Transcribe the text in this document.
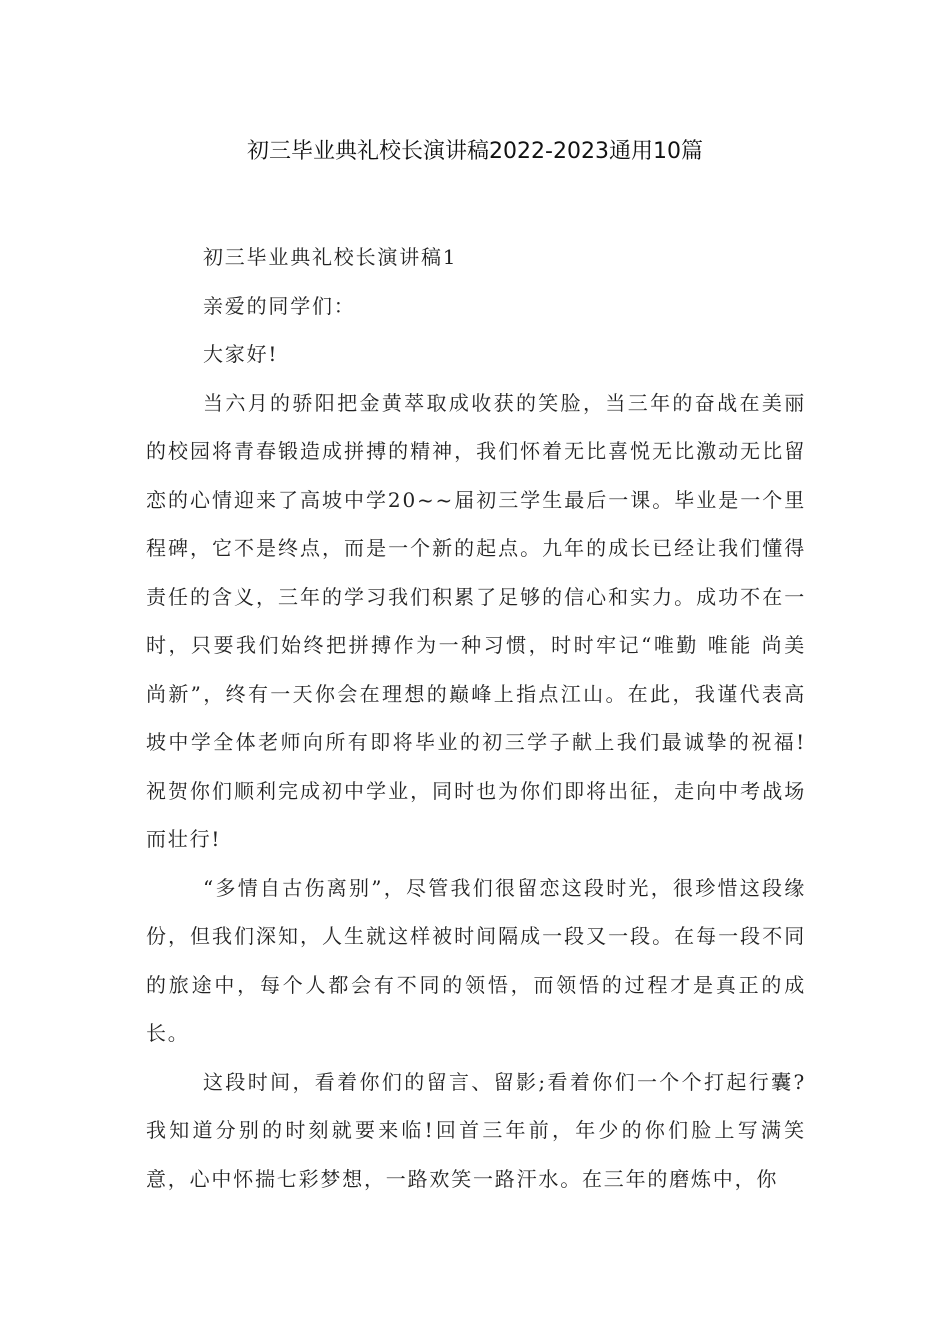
初三毕业典礼校长演讲稿2022-2023通用10篇

初三毕业典礼校长演讲稿1

亲爱的同学们：

大家好!

当六月的骄阳把金黄萃取成收获的笑脸，当三年的奋战在美丽的校园将青春锻造成拼搏的精神，我们怀着无比喜悦无比激动无比留恋的心情迎来了高坡中学20~~届初三学生最后一课。毕业是一个里程碑，它不是终点，而是一个新的起点。九年的成长已经让我们懂得责任的含义，三年的学习我们积累了足够的信心和实力。成功不在一时，只要我们始终把拼搏作为一种习惯，时时牢记“唯勤 唯能 尚美 尚新”，终有一天你会在理想的巅峰上指点江山。在此，我谨代表高坡中学全体老师向所有即将毕业的初三学子献上我们最诚挚的祝福!祝贺你们顺利完成初中学业，同时也为你们即将出征，走向中考战场而壮行!

“多情自古伤离别”，尽管我们很留恋这段时光，很珍惜这段缘份，但我们深知，人生就这样被时间隔成一段又一段。在每一段不同的旅途中，每个人都会有不同的领悟，而领悟的过程才是真正的成长。

这段时间，看着你们的留言、留影;看着你们一个个打起行囊?我知道分别的时刻就要来临!回首三年前，年少的你们脸上写满笑意，心中怀揣七彩梦想，一路欢笑一路汗水。在三年的磨炼中，你
